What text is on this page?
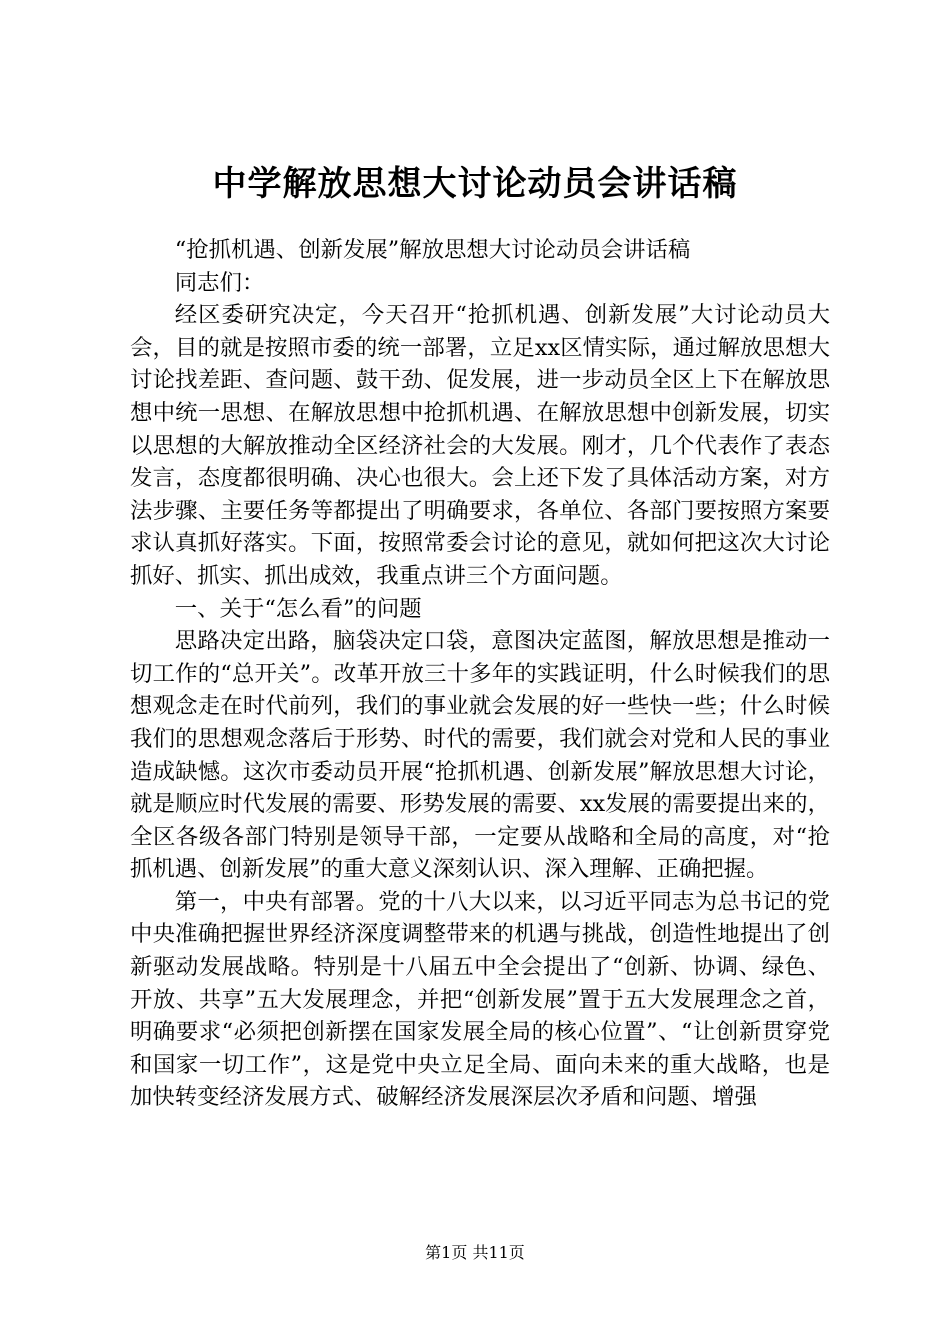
中学解放思想大讨论动员会讲话稿

“抢抓机遇、创新发展”解放思想大讨论动员会讲话稿

同志们：

经区委研究决定，今天召开“抢抓机遇、创新发展”大讨论动员大会，目的就是按照市委的统一部署，立足xx区情实际，通过解放思想大讨论找差距、查问题、鼓干劲、促发展，进一步动员全区上下在解放思想中统一思想、在解放思想中抢抓机遇、在解放思想中创新发展，切实以思想的大解放推动全区经济社会的大发展。刚才，几个代表作了表态发言，态度都很明确、决心也很大。会上还下发了具体活动方案，对方法步骤、主要任务等都提出了明确要求，各单位、各部门要按照方案要求认真抓好落实。下面，按照常委会讨论的意见，就如何把这次大讨论抓好、抓实、抓出成效，我重点讲三个方面问题。

一、关于“怎么看”的问题

思路决定出路，脑袋决定口袋，意图决定蓝图，解放思想是推动一切工作的“总开关”。改革开放三十多年的实践证明，什么时候我们的思想观念走在时代前列，我们的事业就会发展的好一些快一些；什么时候我们的思想观念落后于形势、时代的需要，我们就会对党和人民的事业造成缺憾。这次市委动员开展“抢抓机遇、创新发展”解放思想大讨论，就是顺应时代发展的需要、形势发展的需要、xx发展的需要提出来的，全区各级各部门特别是领导干部，一定要从战略和全局的高度，对“抢抓机遇、创新发展”的重大意义深刻认识、深入理解、正确把握。

第一，中央有部署。党的十八大以来，以习近平同志为总书记的党中央准确把握世界经济深度调整带来的机遇与挑战，创造性地提出了创新驱动发展战略。特别是十八届五中全会提出了“创新、协调、绿色、开放、共享”五大发展理念，并把“创新发展”置于五大发展理念之首，明确要求“必须把创新摆在国家发展全局的核心位置”、“让创新贯穿党和国家一切工作”，这是党中央立足全局、面向未来的重大战略，也是加快转变经济发展方式、破解经济发展深层次矛盾和问题、增强

第1页 共11页
